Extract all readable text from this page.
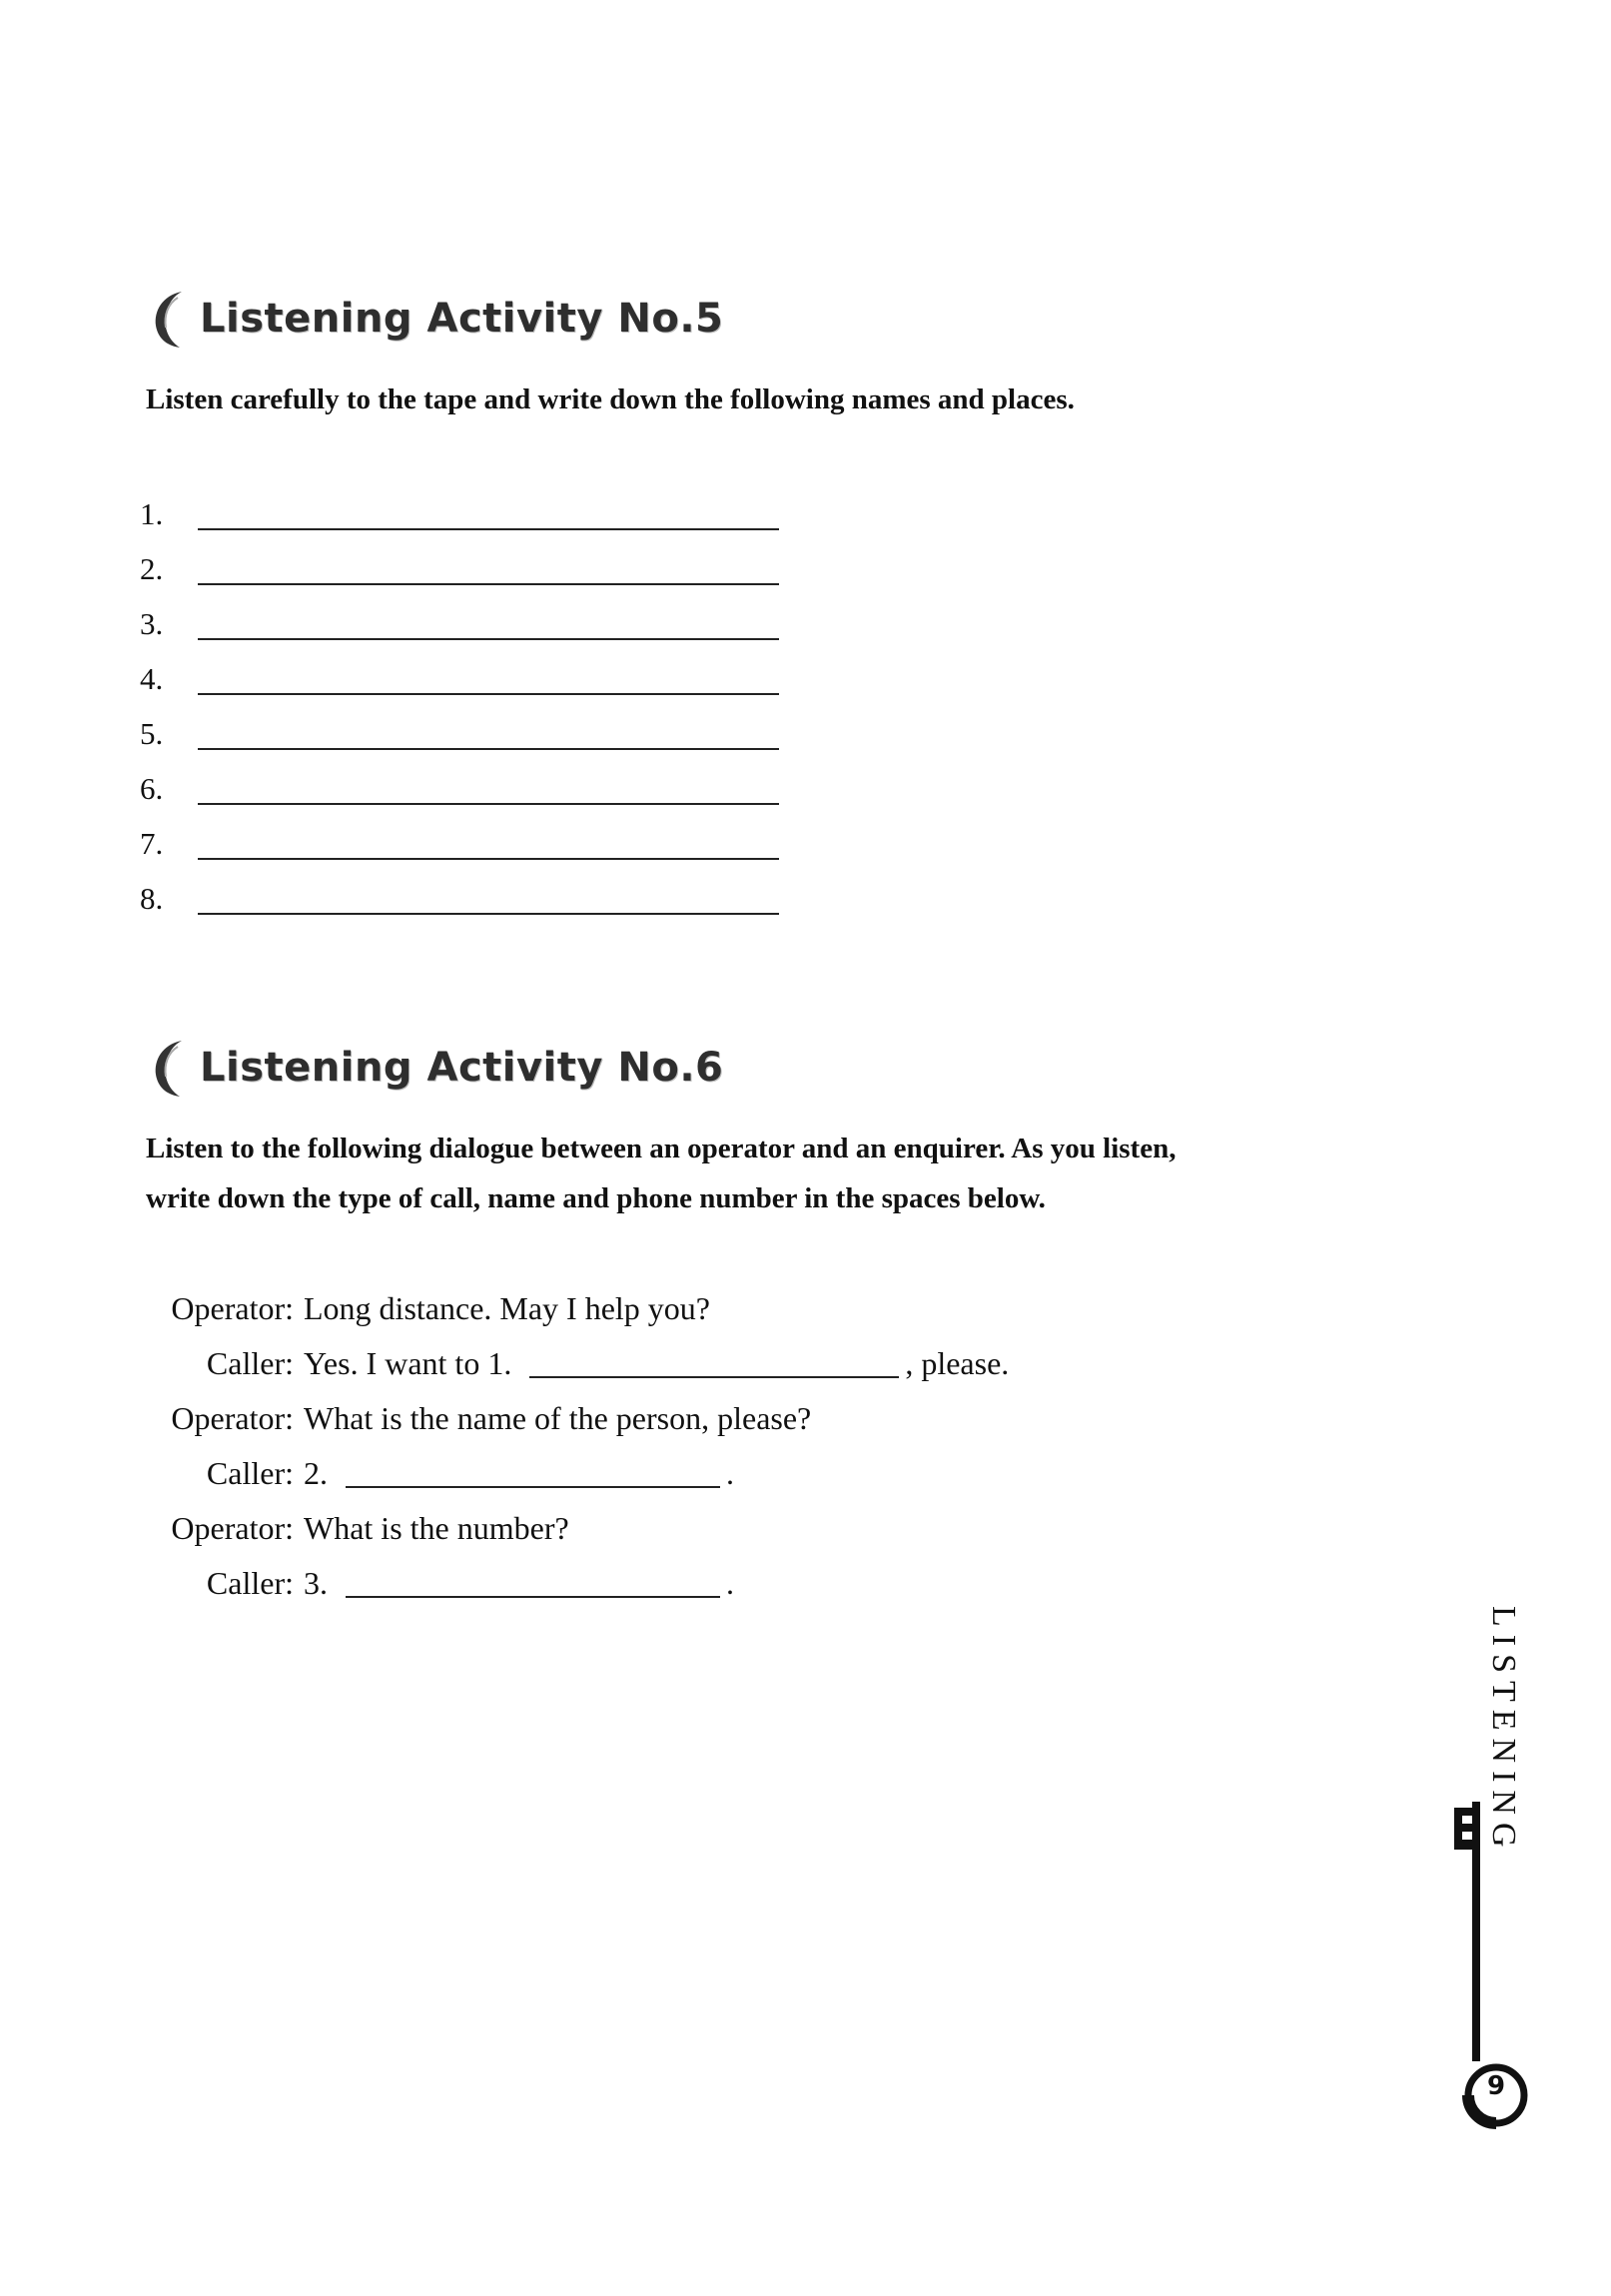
Listening Activity No.5
Listen carefully to the tape and write down the following names and places.
1.
2.
3.
4.
5.
6.
7.
8.
Listening Activity No.6
Listen to the following dialogue between an operator and an enquirer. As you listen,
write down the type of call, name and phone number in the spaces below.
Operator: Long distance. May I help you?
Caller: Yes. I want to 1.	, please.
Operator: What is the name of the person, please?
Caller: 2.	.
Operator: What is the number?
Caller: 3.	.
LISTENING
9
